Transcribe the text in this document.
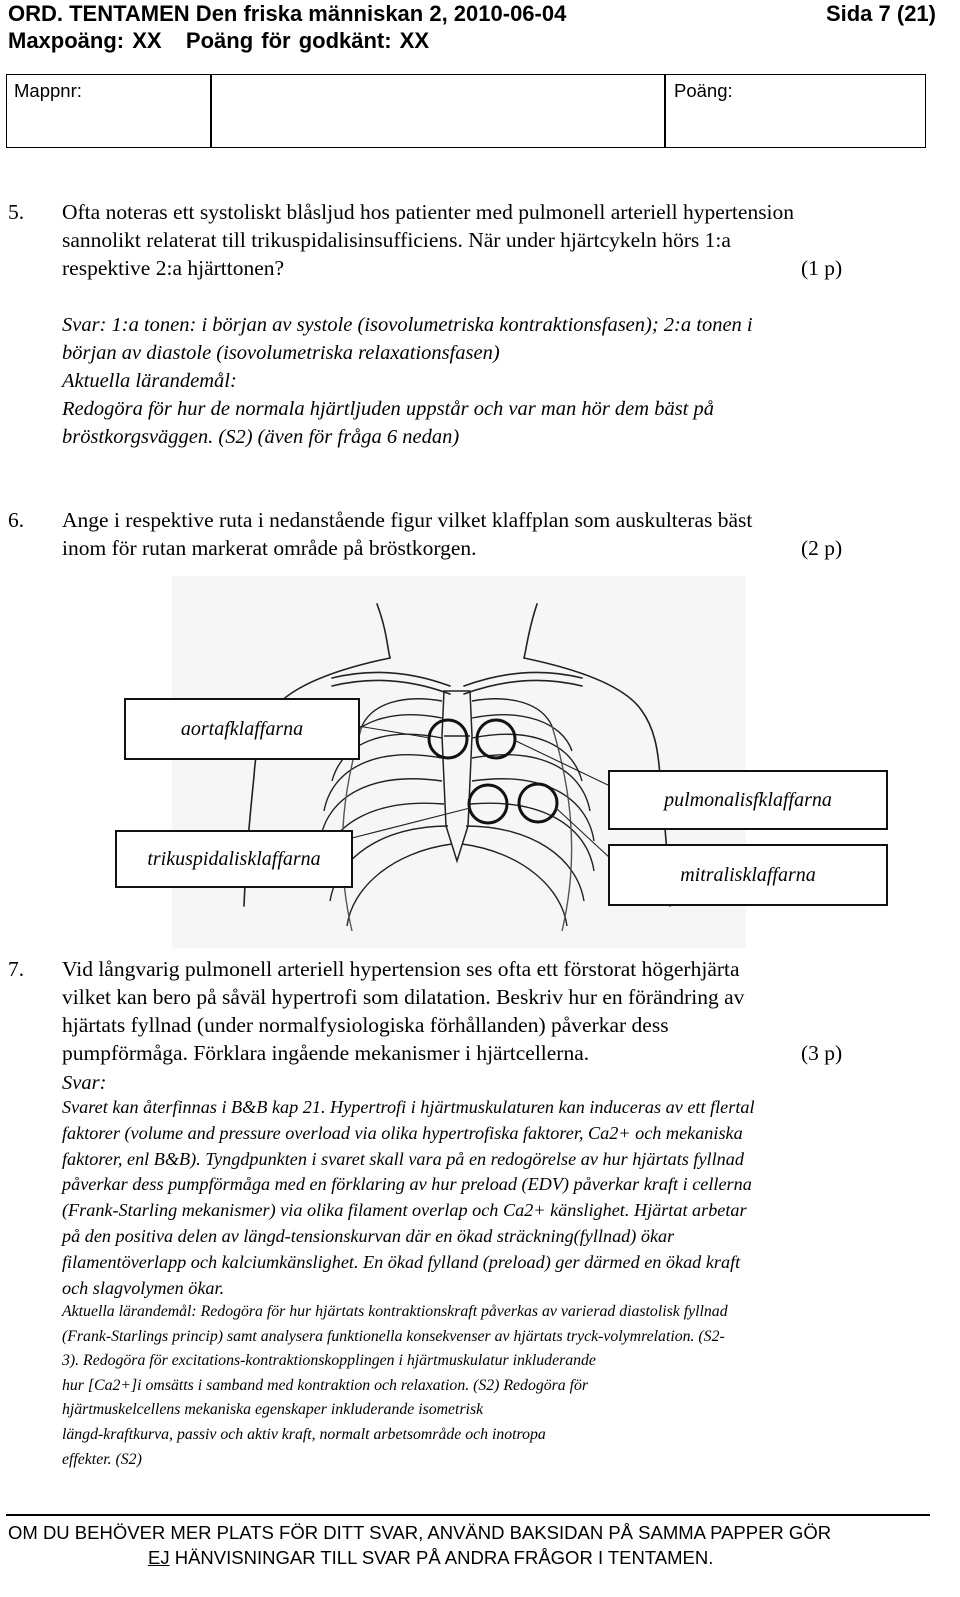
ORD. TENTAMEN Den friska människan 2, 2010-06-04	Sida 7 (21)
Maxpoäng: XX Poäng för godkänt: XX
Mappnr:	Poäng:
5. Ofta noteras ett systoliskt blåsljud hos patienter med pulmonell arteriell hypertension
sannolikt relaterat till trikuspidalisinsufficiens. När under hjärtcykeln hörs 1:a
respektive 2:a hjärttonen?	(1 p)
Svar: 1:a tonen: i början av systole (isovolumetriska kontraktionsfasen); 2:a tonen i
början av diastole (isovolumetriska relaxationsfasen)
Aktuella lärandemål:
Redogöra för hur de normala hjärtljuden uppstår och var man hör dem bäst på
bröstkorgsväggen. (S2) (även för fråga 6 nedan)
6. Ange i respektive ruta i nedanstående figur vilket klaffplan som auskulteras bäst
inom för rutan markerat område på bröstkorgen.	(2 p)
aortafklaffarna
pulmonalisfklaffarna
trikuspidalisklaffarna
mitralisklaffarna
7. Vid långvarig pulmonell arteriell hypertension ses ofta ett förstorat högerhjärta
vilket kan bero på såväl hypertrofi som dilatation. Beskriv hur en förändring av
hjärtats fyllnad (under normalfysiologiska förhållanden) påverkar dess
pumpförmåga. Förklara ingående mekanismer i hjärtcellerna.	(3 p)
Svar:
Svaret kan återfinnas i B&B kap 21. Hypertrofi i hjärtmuskulaturen kan induceras av ett flertal
faktorer (volume and pressure overload via olika hypertrofiska faktorer, Ca2+ och mekaniska
faktorer, enl B&B). Tyngdpunkten i svaret skall vara på en redogörelse av hur hjärtats fyllnad
påverkar dess pumpförmåga med en förklaring av hur preload (EDV) påverkar kraft i cellerna
(Frank-Starling mekanismer) via olika filament overlap och Ca2+ känslighet. Hjärtat arbetar
på den positiva delen av längd-tensionskurvan där en ökad sträckning(fyllnad) ökar
filamentöverlapp och kalciumkänslighet. En ökad fylland (preload) ger därmed en ökad kraft
och slagvolymen ökar.
Aktuella lärandemål: Redogöra för hur hjärtats kontraktionskraft påverkas av varierad diastolisk fyllnad
(Frank-Starlings princip) samt analysera funktionella konsekvenser av hjärtats tryck-volymrelation. (S2-
3). Redogöra för excitations-kontraktionskopplingen i hjärtmuskulatur inkluderande
hur [Ca2+]i omsätts i samband med kontraktion och relaxation. (S2) Redogöra för
hjärtmuskelcellens mekaniska egenskaper inkluderande isometrisk
längd-kraftkurva, passiv och aktiv kraft, normalt arbetsområde och inotropa
effekter. (S2)
OM DU BEHÖVER MER PLATS FÖR DITT SVAR, ANVÄND BAKSIDAN PÅ SAMMA PAPPER GÖR
EJ HÄNVISNINGAR TILL SVAR PÅ ANDRA FRÅGOR I TENTAMEN.
